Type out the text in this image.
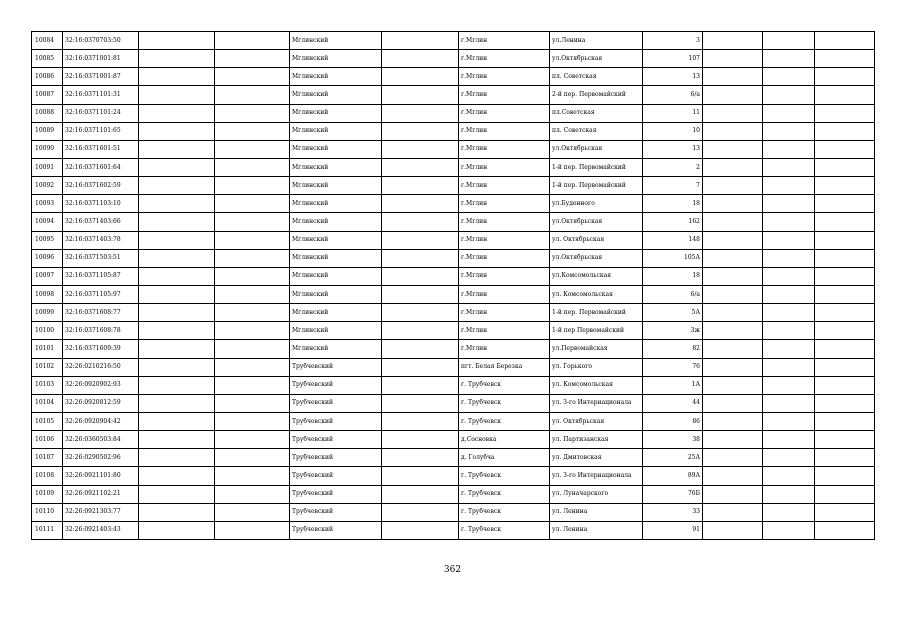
10084	32:16:0370703:50			Мглинский		г.Мглин	ул.Ленина	3			
10085	32:16:0371001:81			Мглинский		г.Мглин	ул.Октябрьская	107			
10086	32:16:0371001:87			Мглинский		г.Мглин	пл. Советская	13			
10087	32:16:0371101:31			Мглинский		г.Мглин	2-й пер. Первомайский	6/а			
10088	32:16:0371101:24			Мглинский		г.Мглин	пл.Советская	11			
10089	32:16:0371101:65			Мглинский		г.Мглин	пл. Советская	10			
10090	32:16:0371601:51			Мглинский		г.Мглин	ул.Октябрьская	13			
10091	32:16:0371601:64			Мглинский		г.Мглин	1-й пер. Первомайский	2			
10092	32:16:0371602:59			Мглинский		г.Мглин	1-й пер. Первомайский	7			
10093	32:16:0371103:10			Мглинский		г.Мглин	ул.Буденного	18			
10094	32:16:0371403:66			Мглинский		г.Мглин	ул.Октябрьская	162			
10095	32:16:0371403:78			Мглинский		г.Мглин	ул. Октябрьская	148			
10096	32:16:0371503:51			Мглинский		г.Мглин	ул.Октябрьская	105А			
10097	32:16:0371105:87			Мглинский		г.Мглин	ул.Комсомольская	18			
10098	32:16:0371105:97			Мглинский		г.Мглин	ул. Комсомольская	6/а			
10099	32:16:0371608:77			Мглинский		г.Мглин	1-й пер. Первомайский	5А			
10100	32:16:0371608:78			Мглинский		г.Мглин	1-й пер Первомайский	3ж			
10101	32:16:0371609:39			Мглинский		г.Мглин	ул.Первомайская	82			
10102	32:26:0210216:50			Трубчевский		пгт. Белая Березка	ул. Горького	76			
10103	32:26:0920902:93			Трубчевский		г. Трубчевск	ул. Комсомольская	1А			
10104	32:26:0920812:59			Трубчевский		г. Трубчевск	ул. 3-го Интернационала	44			
10105	32:26:0920904:42			Трубчевский		г. Трубчевск	ул. Октябрьская	86			
10106	32:26:0360503:84			Трубчевский		д.Сосновка	ул. Партизанская	38			
10107	32:26:0290502:96			Трубчевский		д. Голубча	ул. Дмитовская	25А			
10108	32:26:0921101:80			Трубчевский		г. Трубчевск	ул. 3-го Интернационала	89А			
10109	32:26:0921102:21			Трубчевский		г. Трубчевск	ул. Луначарского	76Б			
10110	32:26:0921303:77			Трубчевский		г. Трубчевск	ул. Ленина	33			
10111	32:26:0921403:43			Трубчевский		г. Трубчевск	ул. Ленина	91			
362
